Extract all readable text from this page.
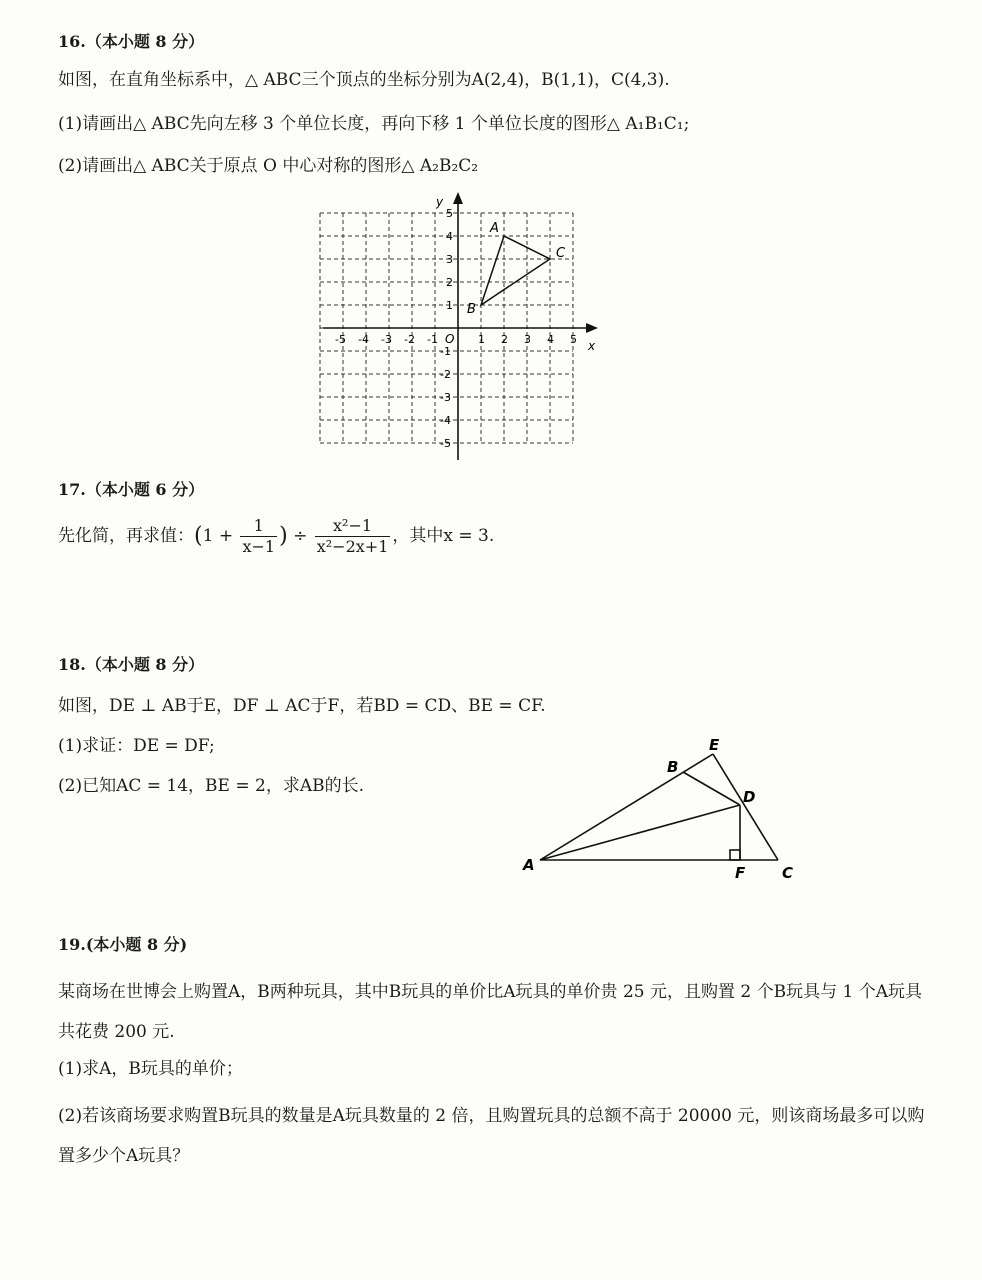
16.（本小题 8 分）
如图，在直角坐标系中，△ ABC三个顶点的坐标分别为A(2,4)，B(1,1)，C(4,3).
(1)请画出△ ABC先向左移 3 个单位长度，再向下移 1 个单位长度的图形△ A₁B₁C₁;
(2)请画出△ ABC关于原点 O 中心对称的图形△ A₂B₂C₂
x
y
O
-5 -4 -3 -2 -1	1 2 3 4 5
5
4
3
2
1
-1
-2
-3
-4
-5
A
B
C
17.（本小题 6 分）
先化简，再求值：($1 + \frac{1}{x-1}$ ) ÷ $\frac{\text{x²−1}}{\text{x²−2x+1}}$ ，其中x = 3.
18.（本小题 8 分）
如图，DE ⊥ AB于E，DF ⊥ AC于F，若BD = CD、BE = CF.
(1)求证：DE = DF;
(2)已知AC = 14，BE = 2，求AB的长.
A
B
E
D
F C
19.(本小题 8 分)
某商场在世博会上购置A，B两种玩具，其中B玩具的单价比A玩具的单价贵 25 元，且购置 2 个B玩具与 1 个A玩具共花费 200 元.
(1)求A，B玩具的单价；
(2)若该商场要求购置B玩具的数量是A玩具数量的 2 倍，且购置玩具的总额不高于 20000 元，则该商场最多可以购置多少个A玩具？
